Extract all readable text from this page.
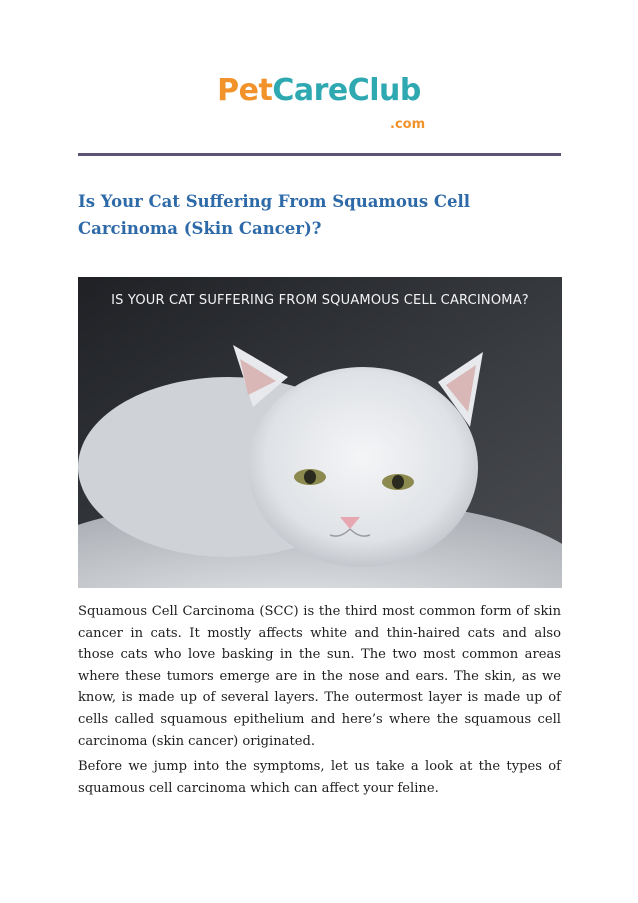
PetCareClub
.com
Is Your Cat Suffering From Squamous Cell Carcinoma (Skin Cancer)?
IS YOUR CAT SUFFERING FROM SQUAMOUS CELL CARCINOMA?

Squamous Cell Carcinoma (SCC) is the third most common form of skin cancer in cats. It mostly affects white and thin-haired cats and also those cats who love basking in the sun. The two most common areas where these tumors emerge are in the nose and ears. The skin, as we know, is made up of several layers. The outermost layer is made up of cells called squamous epithelium and here’s where the squamous cell carcinoma (skin cancer) originated.

Before we jump into the symptoms, let us take a look at the types of squamous cell carcinoma which can affect your feline.
